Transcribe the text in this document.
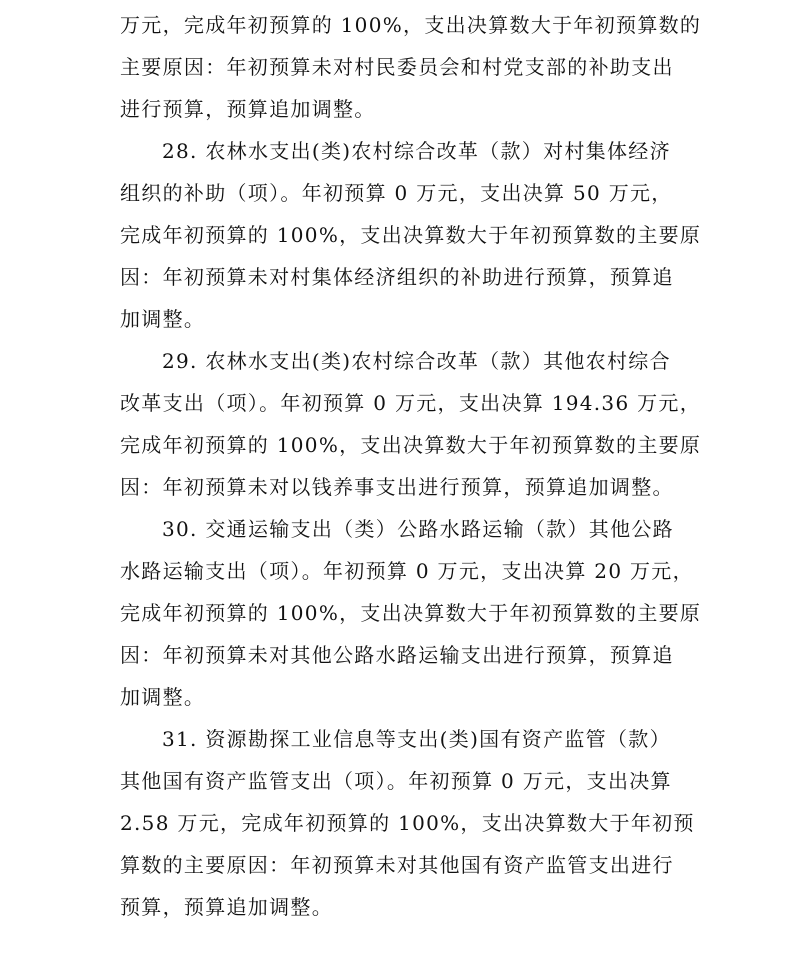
万元，完成年初预算的 100%，支出决算数大于年初预算数的
主要原因：年初预算未对村民委员会和村党支部的补助支出
进行预算，预算追加调整。
28. 农林水支出(类)农村综合改革（款）对村集体经济
组织的补助（项）。年初预算 0 万元，支出决算 50 万元，
完成年初预算的 100%，支出决算数大于年初预算数的主要原
因：年初预算未对村集体经济组织的补助进行预算，预算追
加调整。
29. 农林水支出(类)农村综合改革（款）其他农村综合
改革支出（项）。年初预算 0 万元，支出决算 194.36 万元，
完成年初预算的 100%，支出决算数大于年初预算数的主要原
因：年初预算未对以钱养事支出进行预算，预算追加调整。
30. 交通运输支出（类）公路水路运输（款）其他公路
水路运输支出（项）。年初预算 0 万元，支出决算 20 万元，
完成年初预算的 100%，支出决算数大于年初预算数的主要原
因：年初预算未对其他公路水路运输支出进行预算，预算追
加调整。
31. 资源勘探工业信息等支出(类)国有资产监管（款）
其他国有资产监管支出（项）。年初预算 0 万元，支出决算
2.58 万元，完成年初预算的 100%，支出决算数大于年初预
算数的主要原因：年初预算未对其他国有资产监管支出进行
预算，预算追加调整。
